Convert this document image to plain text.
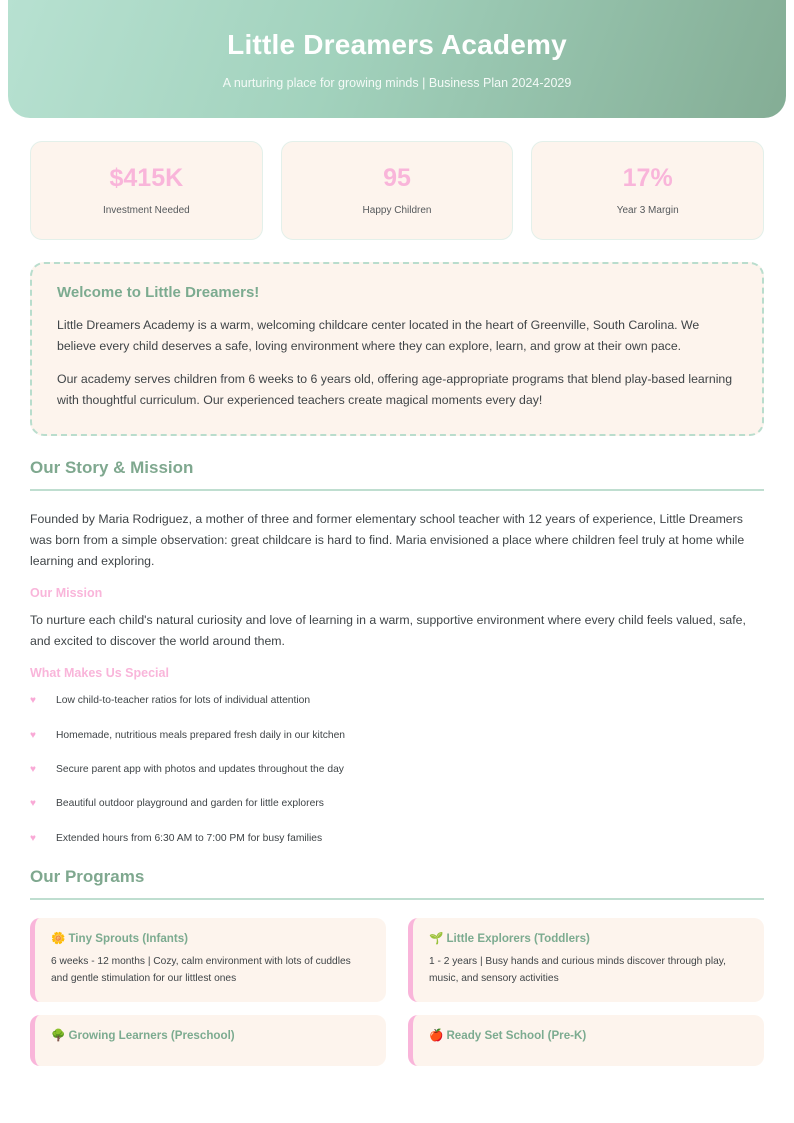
Little Dreamers Academy
A nurturing place for growing minds | Business Plan 2024-2029
$415K
Investment Needed
95
Happy Children
17%
Year 3 Margin
Welcome to Little Dreamers!

Little Dreamers Academy is a warm, welcoming childcare center located in the heart of Greenville, South Carolina. We believe every child deserves a safe, loving environment where they can explore, learn, and grow at their own pace.

Our academy serves children from 6 weeks to 6 years old, offering age-appropriate programs that blend play-based learning with thoughtful curriculum. Our experienced teachers create magical moments every day!

Our Story & Mission
Founded by Maria Rodriguez, a mother of three and former elementary school teacher with 12 years of experience, Little Dreamers was born from a simple observation: great childcare is hard to find. Maria envisioned a place where children feel truly at home while learning and exploring.
Our Mission
To nurture each child's natural curiosity and love of learning in a warm, supportive environment where every child feels valued, safe, and excited to discover the world around them.
What Makes Us Special
♥	Low child-to-teacher ratios for lots of individual attention
♥	Homemade, nutritious meals prepared fresh daily in our kitchen
♥	Secure parent app with photos and updates throughout the day
♥	Beautiful outdoor playground and garden for little explorers
♥	Extended hours from 6:30 AM to 7:00 PM for busy families
Our Programs
🌼 Tiny Sprouts (Infants)
6 weeks - 12 months | Cozy, calm environment with lots of cuddles and gentle stimulation for our littlest ones
🌱 Little Explorers (Toddlers)
1 - 2 years | Busy hands and curious minds discover through play, music, and sensory activities
🌳 Growing Learners (Preschool)	🍎 Ready Set School (Pre-K)
